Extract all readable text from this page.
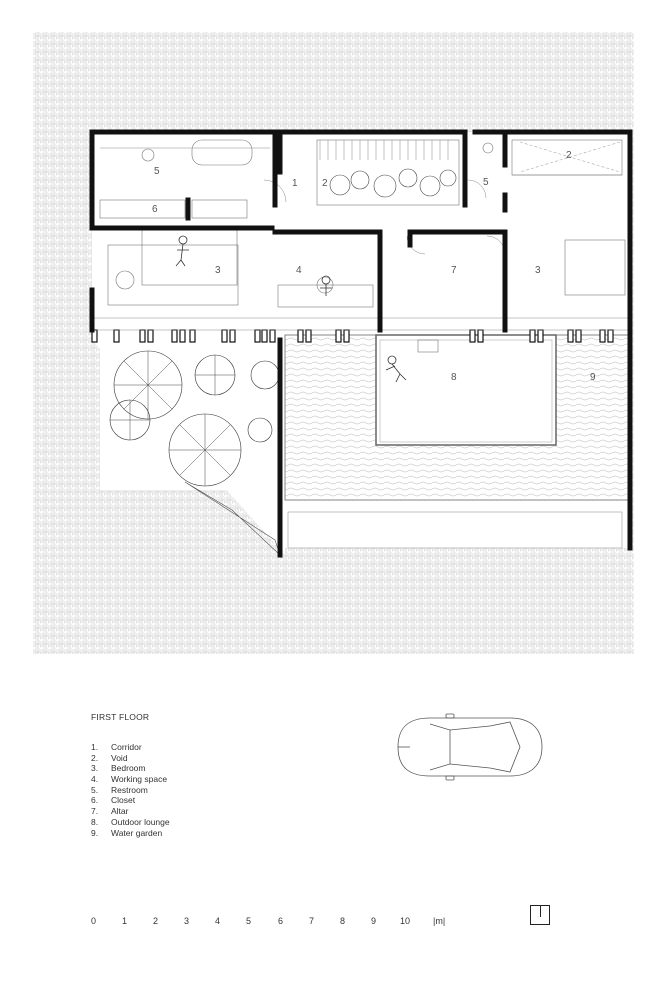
1 2
3	4
5
6
7
8	9
3
5
2
FIRST FLOOR
1.	Corridor
2.	Void
3.	Bedroom
4.	Working space
5.	Restroom
6.	Closet
7.	Altar
8.	Outdoor lounge
9.	Water garden
0	1	2	3	4	5	6	7	8	9	10	|m|
